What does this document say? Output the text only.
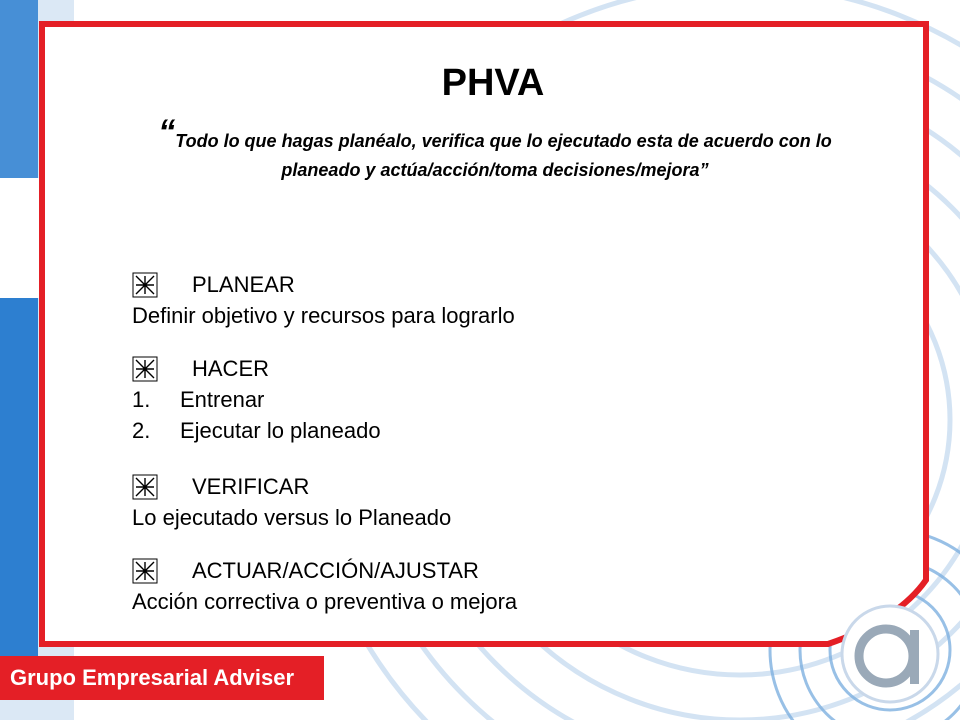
PHVA
“Todo lo que hagas planéalo, verifica que lo ejecutado esta de acuerdo con lo planeado y actúa/acción/toma decisiones/mejora”
PLANEAR
Definir objetivo y recursos para lograrlo
HACER
1.	Entrenar
2.	Ejecutar lo planeado
VERIFICAR
Lo ejecutado versus lo Planeado
ACTUAR/ACCIÓN/AJUSTAR
Acción correctiva o preventiva o mejora
Grupo Empresarial Adviser
